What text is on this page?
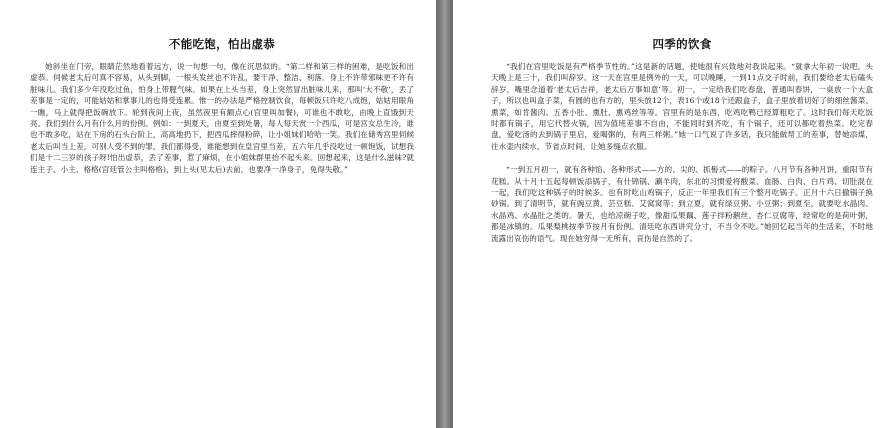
不能吃饱，怕出虚恭

她斜坐在门旁，眼睛茫然地看着远方，说一句想一句，像在沉思似的。“第二样和第三样的困难，是吃饭和出虚恭。伺候老太后可真不容易，从头到脚，一根头发丝也不许乱，要干净、整洁、利落。身上不许带邪味更不许有脏味儿。我们多少年没吃过鱼，怕身上带腥气味。如果在上头当差，身上突然冒出脏味儿来，那叫‘大不敬’，丢了差事是一定的，可能姑姑和掌事儿的也得受连累。惟一的办法是严格控制饮食，每顿饭只许吃八成饱，姑姑用眼角一瞧，马上就得把饭碗放下。轮到夜间上夜，虽然夜里有额点心(宫里叫加餐)，可谁也不敢吃，由晚上直饿到天亮。我们到什么月有什么月的份例。例如：一到夏天，由夏至到处暑，每人每天赏一个西瓜，可是宫女总生冷，谁也不敢多吃，站在下房的石头台阶上，高高地扔下，把西瓜摔得粉碎，让小姐妹们哈哈一笑。我们在储秀宫里伺候老太后叫当上差，可别人受不到的罪，我们都得受，谁能想到在皇宫里当差，五六年几乎没吃过一顿饱饭，试想我们是十二三岁的孩子呀!怕出虚恭，丢了差事，惹了麻烦，在小姐妹群里抬不起头来。回想起来，这是什么滋味?就连主子、小主、格格(宫廷管公主叫格格)，到上头(见太后)去前，也要净一净身子，免得失敬。”

四季的饮食

“我们在宫里吃饭是有严格季节性的。”这是新的话题，使她很有兴致地对我说起来。“就拿大年初一说吧。头天晚上是三十，我们叫辞岁。这一天在宫里是例外的一天，可以晚睡，一到11点交子时前，我们要给老太后磕头辞岁，嘴里念道着‘老太后吉祥，老太后万事如意’等。初一，一定给我们吃春盘，普通叫春饼，一桌放一个大盒子，所以也叫盒子菜，有圆的也有方的，里头放12个，表16个或18个还跟盒子，盒子里放着切好了的细丝酱菜、熏菜，如肯酱肉、五香小肚、熏肚、熏鸡丝等等。宫里有的是东西，吃鸡吃鸭已经算粗吃了。这时我们每天吃饭时都有锅子，用它代替火锅，因为值班差事不自由，不能同时到齐吃，有个锅子，还可以都吃着热菜。吃完春盘，爱吃汤的去到锅子里启，爱喝粥的，有两三样粥。”她一口气说了许多话，我只能做帮工的差事，替她添煤，往水壶内续水，节省点时间，让她多缝点衣服。

“一到五月初一，就有各种馅、各种形式——方的、尖的、抓髻式——的粽子。八月节有各种月饼，重阳节有花糕。从十月十五起每顿饭添锅子，有什锦锅、涮羊肉，东北的习惯爱将酸菜、血肠、白肉、白片鸡、切肚混在一起，我们吃这种锅子的时候多。也有时吃山鸡锅子，反正一年里我们有三个整月吃锅子。正月十六日撤锅子换砂锅。到了清明节，就有豌豆黄、芸豆糕、艾窝窝等；到立夏，就有绿豆粥、小豆粥；到夏至，就要吃水晶肉、水晶鸡、水晶肚之类的。暑天，也给凉碗子吃，像甜瓜果藕、莲子拌粉鹅丝、杏仁豆腐等，经常吃的是荷叶粥，都是冰镇的。瓜果梨桃按季节按月有份例。清廷吃东西讲究分寸，不当令不吃。”她回忆起当年的生活来，不时地流露出哀伤的语气。现在她穷得一无所有，哀伤是自然的了。
